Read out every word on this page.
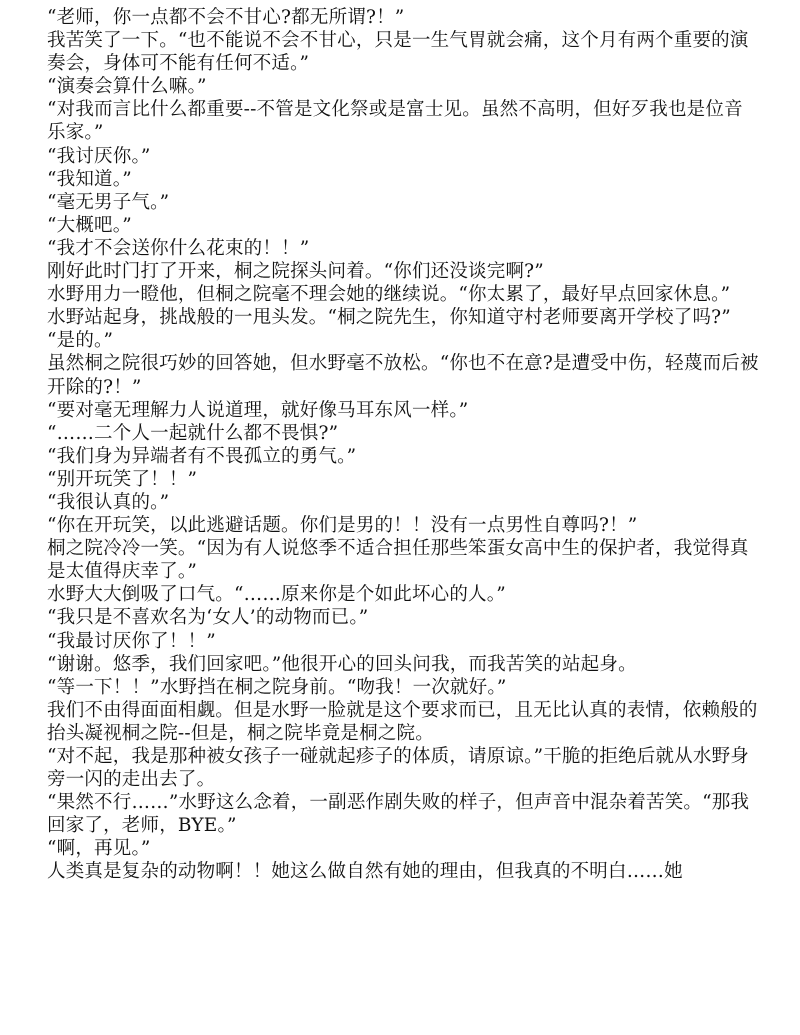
“老师，你一点都不会不甘心?都无所谓?！”

我苦笑了一下。“也不能说不会不甘心，只是一生气胃就会痛，这个月有两个重要的演奏会，身体可不能有任何不适。”

“演奏会算什么嘛。”

“对我而言比什么都重要--不管是文化祭或是富士见。虽然不高明，但好歹我也是位音乐家。”

“我讨厌你。”

“我知道。”

“毫无男子气。”

“大概吧。”

“我才不会送你什么花束的！！”

刚好此时门打了开来，桐之院探头问着。“你们还没谈完啊?”

水野用力一瞪他，但桐之院毫不理会她的继续说。“你太累了，最好早点回家休息。”

水野站起身，挑战般的一甩头发。“桐之院先生，你知道守村老师要离开学校了吗?”

“是的。”

虽然桐之院很巧妙的回答她，但水野毫不放松。“你也不在意?是遭受中伤，轻蔑而后被开除的?！”

“要对毫无理解力人说道理，就好像马耳东风一样。”

“……二个人一起就什么都不畏惧?”

“我们身为异端者有不畏孤立的勇气。”

“别开玩笑了！！”

“我很认真的。”

“你在开玩笑，以此逃避话题。你们是男的！！没有一点男性自尊吗?！”

桐之院冷冷一笑。“因为有人说悠季不适合担任那些笨蛋女高中生的保护者，我觉得真是太值得庆幸了。”

水野大大倒吸了口气。“……原来你是个如此坏心的人。”

“我只是不喜欢名为‘女人’的动物而已。”

“我最讨厌你了！！”

“谢谢。悠季，我们回家吧。”他很开心的回头问我，而我苦笑的站起身。

“等一下！！”水野挡在桐之院身前。“吻我！一次就好。”

我们不由得面面相觑。但是水野一脸就是这个要求而已，且无比认真的表情，依赖般的抬头凝视桐之院--但是，桐之院毕竟是桐之院。

“对不起，我是那种被女孩子一碰就起疹子的体质，请原谅。”干脆的拒绝后就从水野身旁一闪的走出去了。

“果然不行……”水野这么念着，一副恶作剧失败的样子，但声音中混杂着苦笑。“那我回家了，老师，BYE。”

“啊，再见。”

人类真是复杂的动物啊！！她这么做自然有她的理由，但我真的不明白……她
